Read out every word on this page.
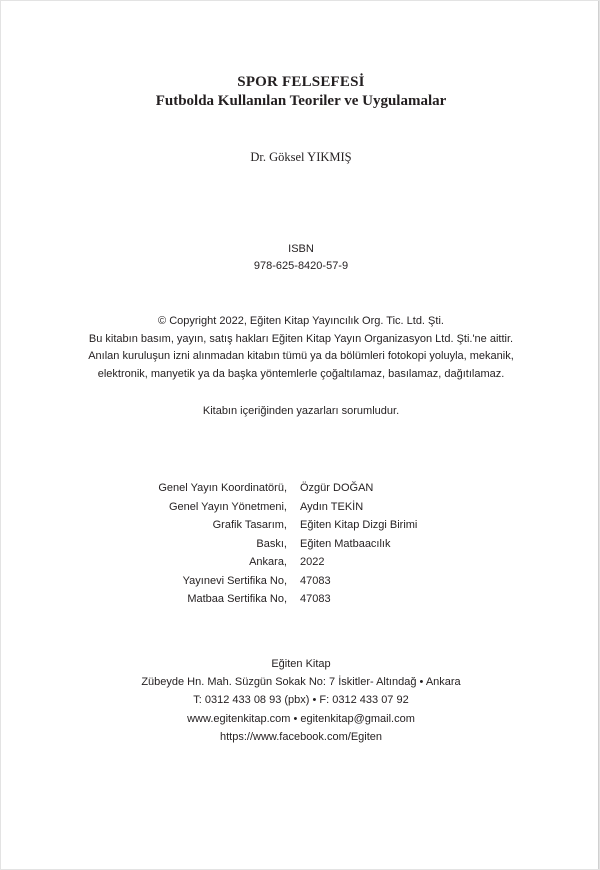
SPOR FELSEFESİ
Futbolda Kullanılan Teoriler ve Uygulamalar
Dr. Göksel YIKMIŞ
ISBN
978-625-8420-57-9
© Copyright 2022, Eğiten Kitap Yayıncılık Org. Tic. Ltd. Şti.
Bu kitabın basım, yayın, satış hakları Eğiten Kitap Yayın Organizasyon Ltd. Şti.'ne aittir.
Anılan kuruluşun izni alınmadan kitabın tümü ya da bölümleri fotokopi yoluyla, mekanik,
elektronik, manyetik ya da başka yöntemlerle çoğaltılamaz, basılamaz, dağıtılamaz.
Kitabın içeriğinden yazarları sorumludur.
Genel Yayın Koordinatörü, Özgür DOĞAN
Genel Yayın Yönetmeni, Aydın TEKİN
Grafik Tasarım, Eğiten Kitap Dizgi Birimi
Baskı, Eğiten Matbaacılık
Ankara, 2022
Yayınevi Sertifika No, 47083
Matbaa Sertifika No, 47083
Eğiten Kitap
Zübeyde Hn. Mah. Süzgün Sokak No: 7 İskitler- Altındağ • Ankara
T: 0312 433 08 93 (pbx) • F: 0312 433 07 92
www.egitenkitap.com • egitenkitap@gmail.com
https://www.facebook.com/Egiten
